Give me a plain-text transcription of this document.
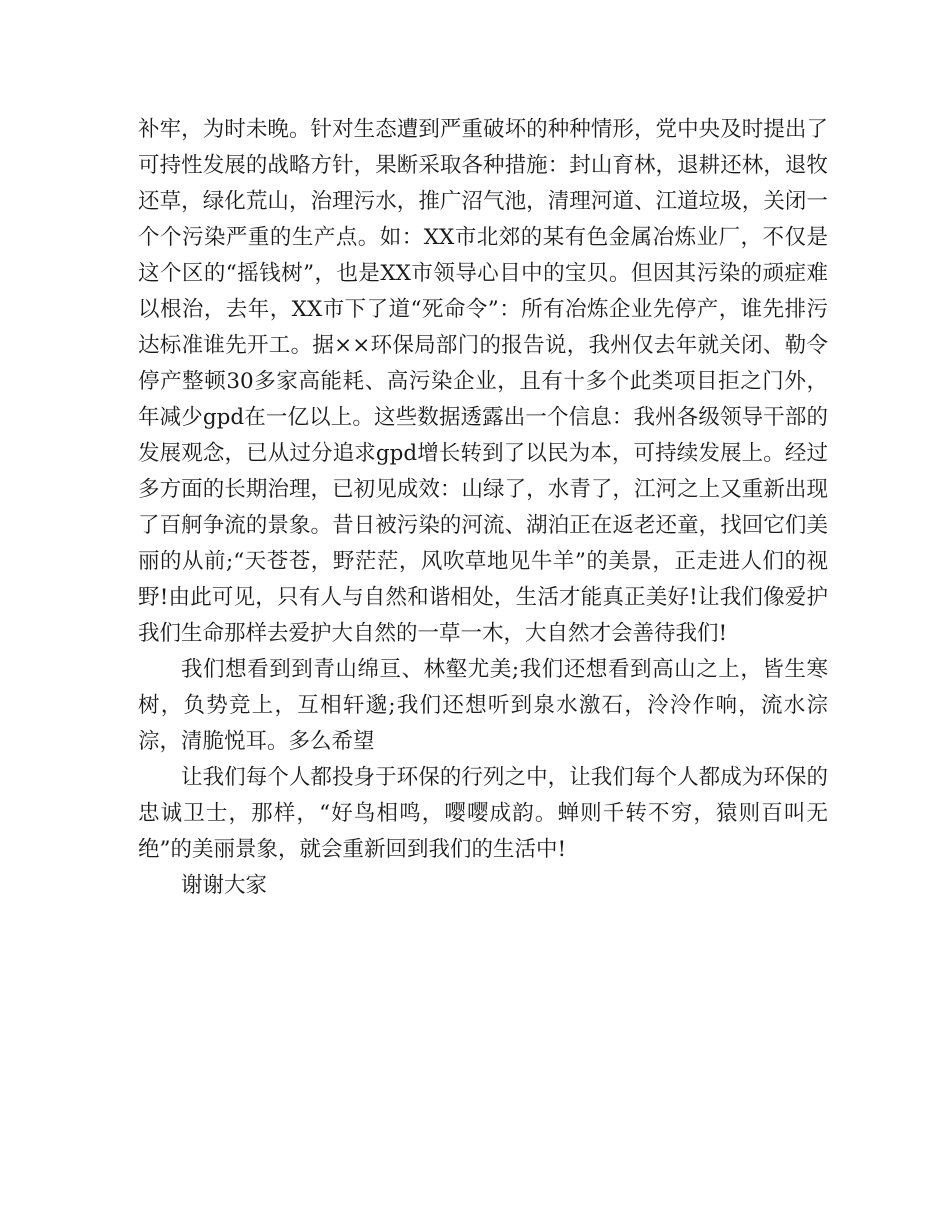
补牢，为时未晚。针对生态遭到严重破坏的种种情形，党中央及时提出了可持性发展的战略方针，果断采取各种措施：封山育林，退耕还林，退牧还草，绿化荒山，治理污水，推广沼气池，清理河道、江道垃圾，关闭一个个污染严重的生产点。如：XX市北郊的某有色金属冶炼业厂，不仅是这个区的“摇钱树”，也是XX市领导心目中的宝贝。但因其污染的顽症难以根治，去年，XX市下了道“死命令”：所有冶炼企业先停产，谁先排污达标准谁先开工。据××环保局部门的报告说，我州仅去年就关闭、勒令停产整顿30多家高能耗、高污染企业，且有十多个此类项目拒之门外，年减少gpd在一亿以上。这些数据透露出一个信息：我州各级领导干部的发展观念，已从过分追求gpd增长转到了以民为本，可持续发展上。经过多方面的长期治理，已初见成效：山绿了，水青了，江河之上又重新出现了百舸争流的景象。昔日被污染的河流、湖泊正在返老还童，找回它们美丽的从前;“天苍苍，野茫茫，风吹草地见牛羊”的美景，正走进人们的视野!由此可见，只有人与自然和谐相处，生活才能真正美好!让我们像爱护我们生命那样去爱护大自然的一草一木，大自然才会善待我们!

我们想看到到青山绵亘、林壑尤美;我们还想看到高山之上，皆生寒树，负势竞上，互相轩邈;我们还想听到泉水激石，泠泠作响，流水淙淙，清脆悦耳。多么希望

让我们每个人都投身于环保的行列之中，让我们每个人都成为环保的忠诚卫士，那样，“好鸟相鸣，嘤嘤成韵。蝉则千转不穷，猿则百叫无绝”的美丽景象，就会重新回到我们的生活中!

谢谢大家
